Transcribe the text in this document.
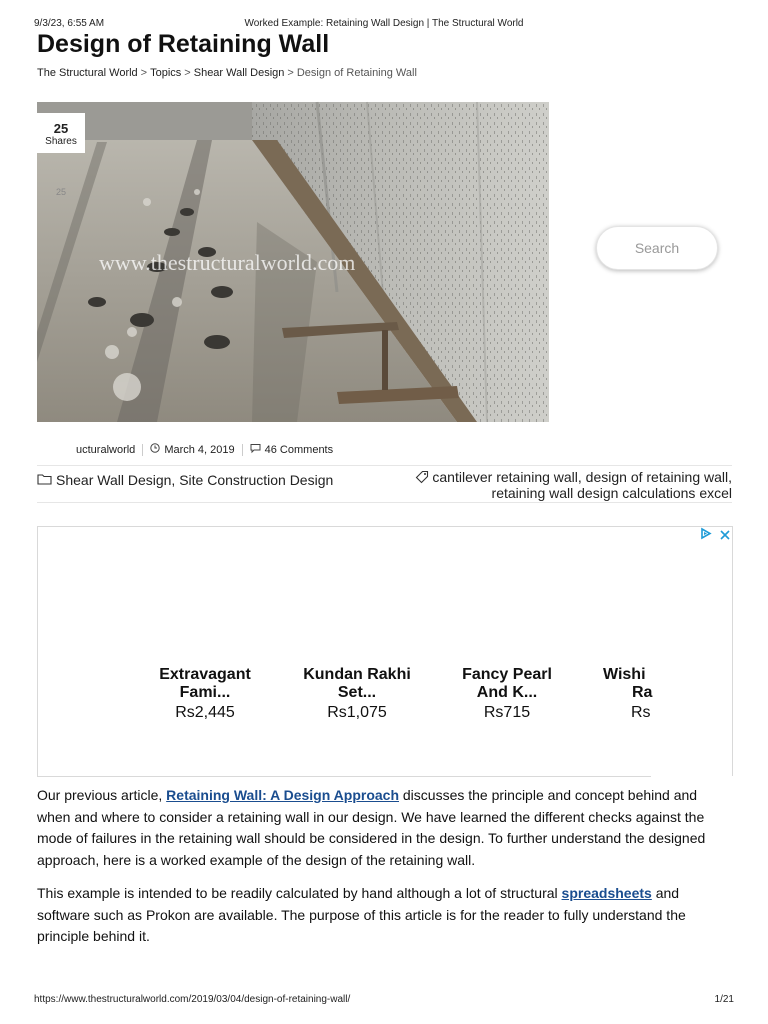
9/3/23, 6:55 AM	Worked Example: Retaining Wall Design | The Structural World
Design of Retaining Wall
The Structural World > Topics > Shear Wall Design > Design of Retaining Wall
www.thestructuralworld.com
25
Shares
25
Search
ucturalworld	March 4, 2019	46 Comments
Shear Wall Design, Site Construction Design	cantilever retaining wall, design of retaining wall,
retaining wall design calculations excel
Extravagant
Fami...
Rs2,445
Kundan Rakhi
Set...
Rs1,075
Fancy Pearl
And K...
Rs715
Wishi
Ra
Rs

Our previous article, Retaining Wall: A Design Approach discusses the principle and concept behind and when and where to consider a retaining wall in our design. We have learned the different checks against the mode of failures in the retaining wall should be considered in the design. To further understand the designed approach, here is a worked example of the design of the retaining wall.

This example is intended to be readily calculated by hand although a lot of structural spreadsheets and software such as Prokon are available. The purpose of this article is for the reader to fully understand the principle behind it.

https://www.thestructuralworld.com/2019/03/04/design-of-retaining-wall/	1/21
